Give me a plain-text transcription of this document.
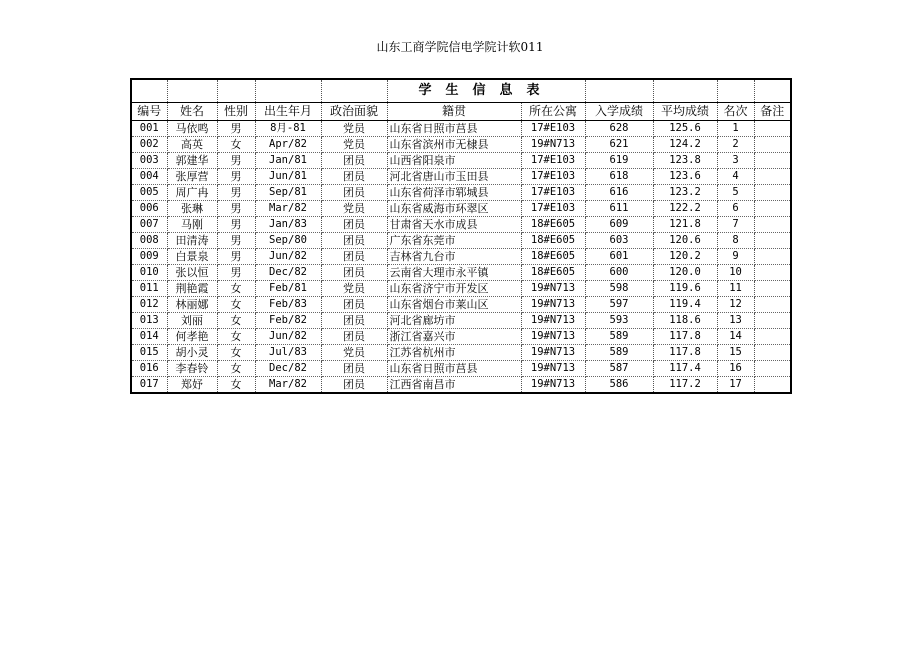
山东工商学院信电学院计软011
					学生信息表					
编号	姓名	性别	出生年月	政治面貌	籍贯	所在公寓	入学成绩	平均成绩	名次	备注
001	马依鸣	男	8月-81	党员	山东省日照市莒县	17#E103	628	125.6	1	
002	高英	女	Apr/82	党员	山东省滨州市无棣县	19#N713	621	124.2	2	
003	郭建华	男	Jan/81	团员	山西省阳泉市	17#E103	619	123.8	3	
004	张厚营	男	Jun/81	团员	河北省唐山市玉田县	17#E103	618	123.6	4	
005	周广冉	男	Sep/81	团员	山东省荷泽市郓城县	17#E103	616	123.2	5	
006	张琳	男	Mar/82	党员	山东省威海市环翠区	17#E103	611	122.2	6	
007	马刚	男	Jan/83	团员	甘肃省天水市成县	18#E605	609	121.8	7	
008	田清涛	男	Sep/80	团员	广东省东莞市	18#E605	603	120.6	8	
009	白景泉	男	Jun/82	团员	吉林省九台市	18#E605	601	120.2	9	
010	张以恒	男	Dec/82	团员	云南省大理市永平镇	18#E605	600	120.0	10	
011	荆艳霞	女	Feb/81	党员	山东省济宁市开发区	19#N713	598	119.6	11	
012	林丽娜	女	Feb/83	团员	山东省烟台市莱山区	19#N713	597	119.4	12	
013	刘丽	女	Feb/82	团员	河北省廊坊市	19#N713	593	118.6	13	
014	何孝艳	女	Jun/82	团员	浙江省嘉兴市	19#N713	589	117.8	14	
015	胡小灵	女	Jul/83	党员	江苏省杭州市	19#N713	589	117.8	15	
016	李春铃	女	Dec/82	团员	山东省日照市莒县	19#N713	587	117.4	16	
017	郑妤	女	Mar/82	团员	江西省南昌市	19#N713	586	117.2	17	
